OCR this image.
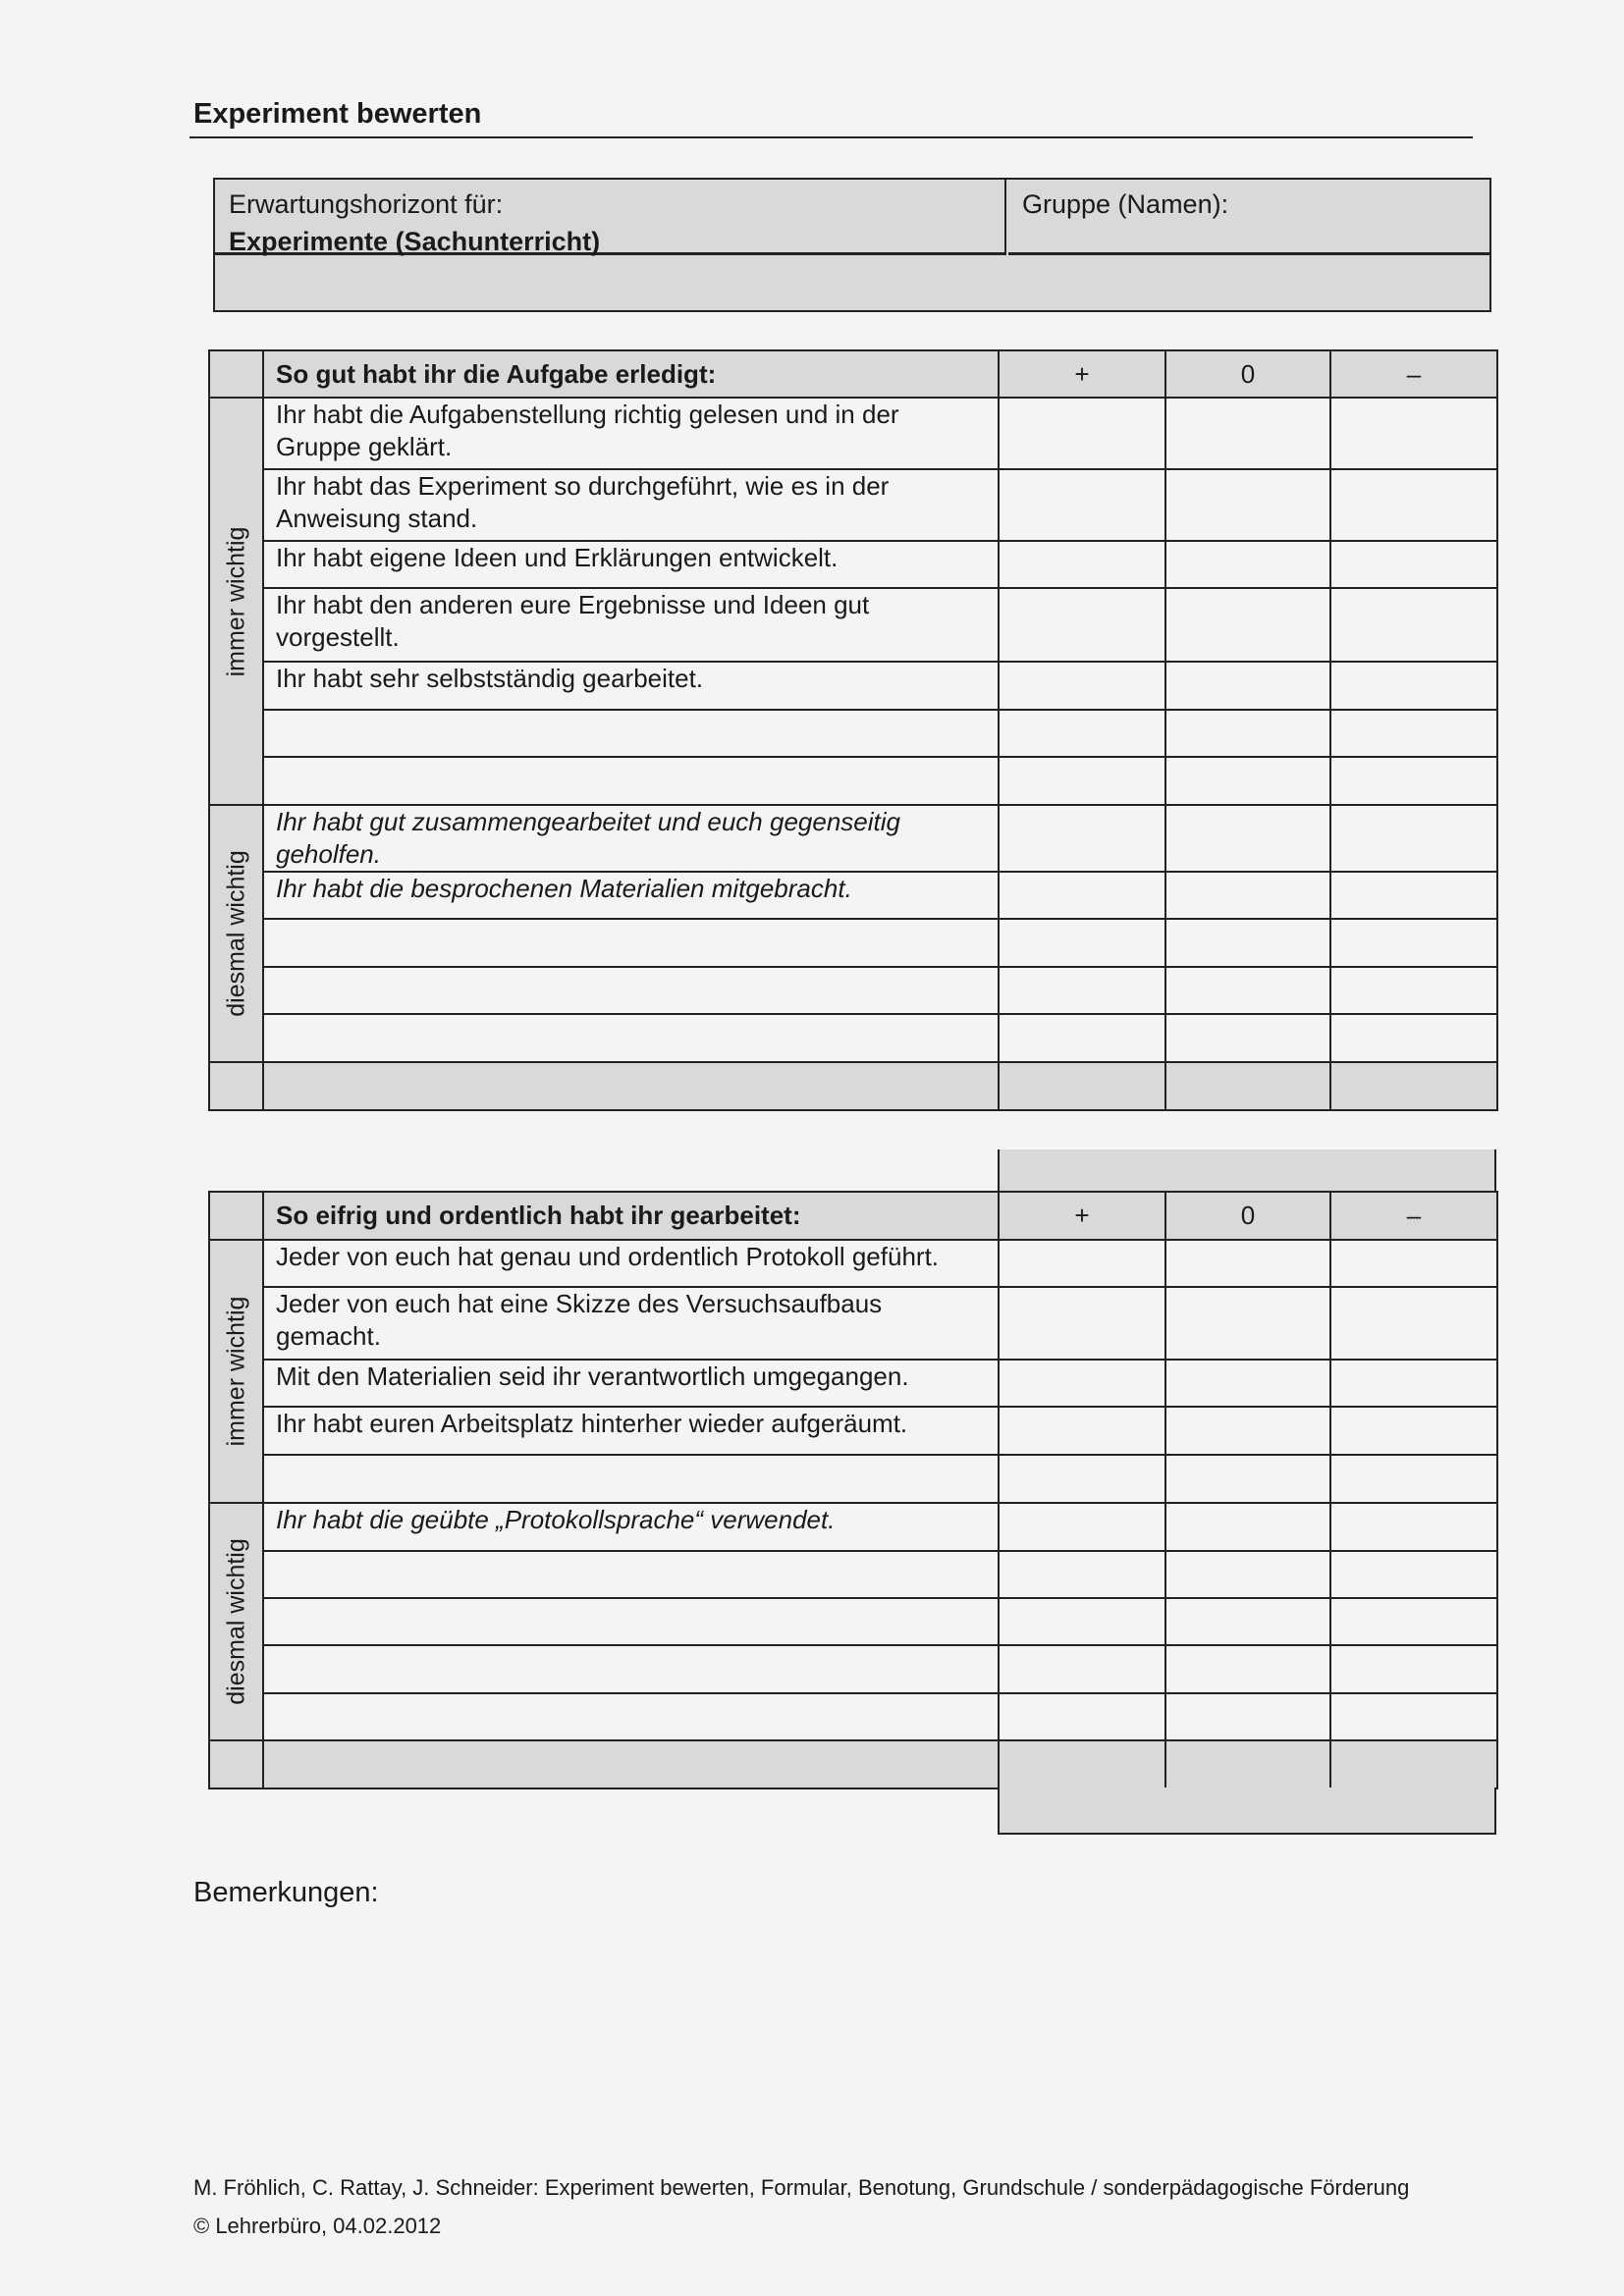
Experiment bewerten
Erwartungshorizont für:
Experimente (Sachunterricht)
Gruppe (Namen):
	So gut habt ihr die Aufgabe erledigt:	+	0	–

immer wichtig	Ihr habt die Aufgabenstellung richtig gelesen und in der Gruppe geklärt.			
	Ihr habt das Experiment so durchgeführt, wie es in der Anweisung stand.			
	Ihr habt eigene Ideen und Erklärungen entwickelt.			
	Ihr habt den anderen eure Ergebnisse und Ideen gut vorgestellt.			
	Ihr habt sehr selbstständig gearbeitet.			

diesmal wichtig	Ihr habt gut zusammengearbeitet und euch gegenseitig geholfen.			
	Ihr habt die besprochenen Materialien mitgebracht.			

	So eifrig und ordentlich habt ihr gearbeitet:	+	0	–

immer wichtig	Jeder von euch hat genau und ordentlich Protokoll geführt.			
	Jeder von euch hat eine Skizze des Versuchsaufbaus gemacht.			
	Mit den Materialien seid ihr verantwortlich umgegangen.			
	Ihr habt euren Arbeitsplatz hinterher wieder aufgeräumt.			

diesmal wichtig	Ihr habt die geübte „Protokollsprache“ verwendet.			

Bemerkungen:
M. Fröhlich, C. Rattay, J. Schneider: Experiment bewerten, Formular, Benotung, Grundschule / sonderpädagogische Förderung
© Lehrerbüro, 04.02.2012
